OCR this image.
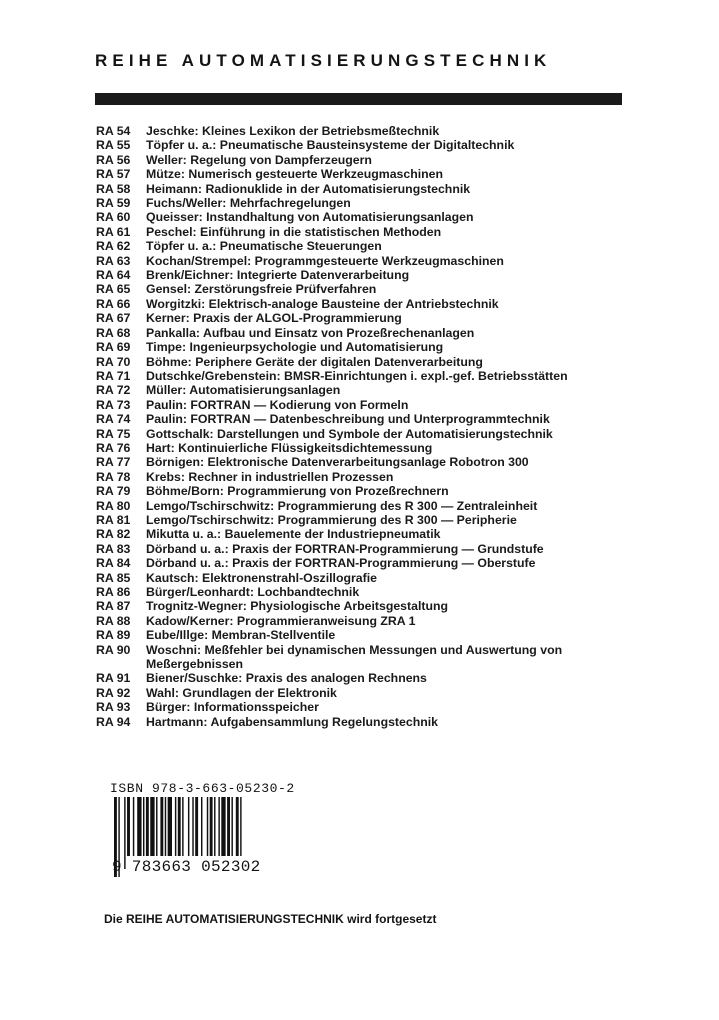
REIHE AUTOMATISIERUNGSTECHNIK
RA 54	Jeschke: Kleines Lexikon der Betriebsmeßtechnik
RA 55	Töpfer u. a.: Pneumatische Bausteinsysteme der Digitaltechnik
RA 56	Weller: Regelung von Dampferzeugern
RA 57	Mütze: Numerisch gesteuerte Werkzeugmaschinen
RA 58	Heimann: Radionuklide in der Automatisierungstechnik
RA 59	Fuchs/Weller: Mehrfachregelungen
RA 60	Queisser: Instandhaltung von Automatisierungsanlagen
RA 61	Peschel: Einführung in die statistischen Methoden
RA 62	Töpfer u. a.: Pneumatische Steuerungen
RA 63	Kochan/Strempel: Programmgesteuerte Werkzeugmaschinen
RA 64	Brenk/Eichner: Integrierte Datenverarbeitung
RA 65	Gensel: Zerstörungsfreie Prüfverfahren
RA 66	Worgitzki: Elektrisch-analoge Bausteine der Antriebstechnik
RA 67	Kerner: Praxis der ALGOL-Programmierung
RA 68	Pankalla: Aufbau und Einsatz von Prozeßrechenanlagen
RA 69	Timpe: Ingenieurpsychologie und Automatisierung
RA 70	Böhme: Periphere Geräte der digitalen Datenverarbeitung
RA 71	Dutschke/Grebenstein: BMSR-Einrichtungen i. expl.-gef. Betriebsstätten
RA 72	Müller: Automatisierungsanlagen
RA 73	Paulin: FORTRAN — Kodierung von Formeln
RA 74	Paulin: FORTRAN — Datenbeschreibung und Unterprogrammtechnik
RA 75	Gottschalk: Darstellungen und Symbole der Automatisierungstechnik
RA 76	Hart: Kontinuierliche Flüssigkeitsdichtemessung
RA 77	Börnigen: Elektronische Datenverarbeitungsanlage Robotron 300
RA 78	Krebs: Rechner in industriellen Prozessen
RA 79	Böhme/Born: Programmierung von Prozeßrechnern
RA 80	Lemgo/Tschirschwitz: Programmierung des R 300 — Zentraleinheit
RA 81	Lemgo/Tschirschwitz: Programmierung des R 300 — Peripherie
RA 82	Mikutta u. a.: Bauelemente der Industriepneumatik
RA 83	Dörband u. a.: Praxis der FORTRAN-Programmierung — Grundstufe
RA 84	Dörband u. a.: Praxis der FORTRAN-Programmierung — Oberstufe
RA 85	Kautsch: Elektronenstrahl-Oszillografie
RA 86	Bürger/Leonhardt: Lochbandtechnik
RA 87	Trognitz-Wegner: Physiologische Arbeitsgestaltung
RA 88	Kadow/Kerner: Programmieranweisung ZRA 1
RA 89	Eube/Illge: Membran-Stellventile
RA 90	Woschni: Meßfehler bei dynamischen Messungen und Auswertung von Meßergebnissen
RA 91	Biener/Suschke: Praxis des analogen Rechnens
RA 92	Wahl: Grundlagen der Elektronik
RA 93	Bürger: Informationsspeicher
RA 94	Hartmann: Aufgabensammlung Regelungstechnik
ISBN 978-3-663-05230-2
9 783663 052302

Die REIHE AUTOMATISIERUNGSTECHNIK wird fortgesetzt
